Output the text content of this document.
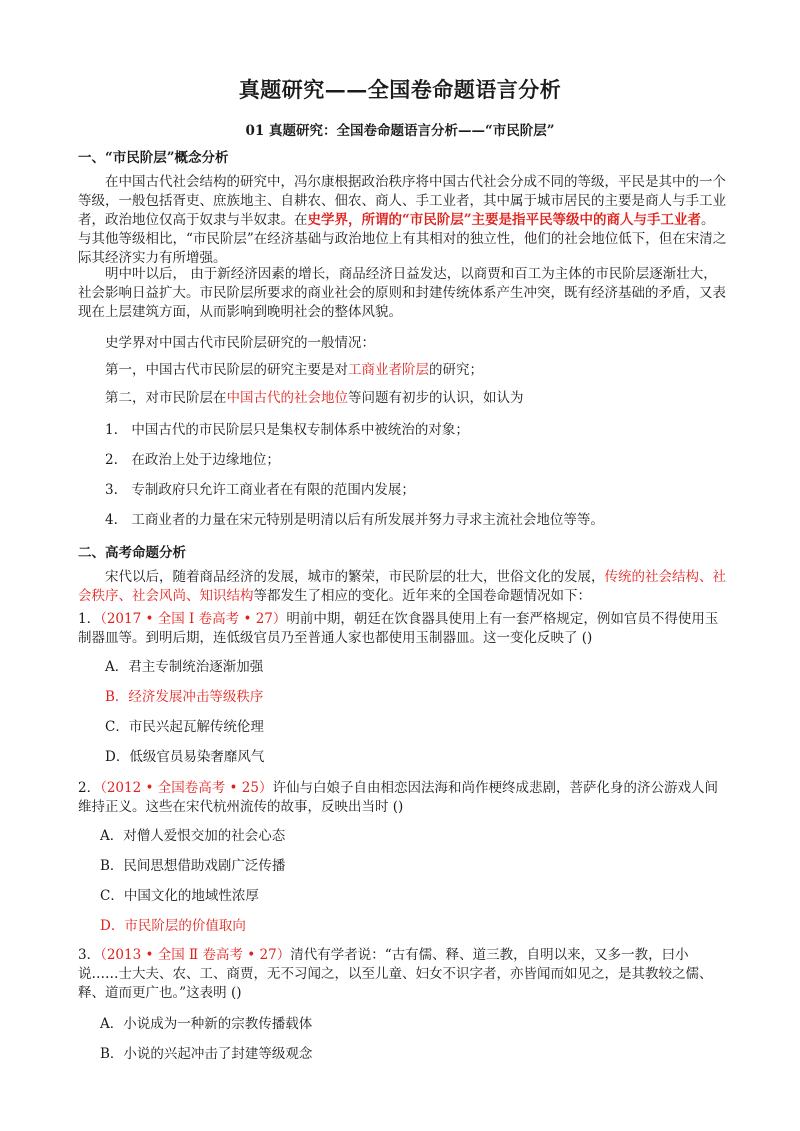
真题研究——全国卷命题语言分析
01 真题研究：全国卷命题语言分析——“市民阶层”
一、“市民阶层”概念分析
在中国古代社会结构的研究中，冯尔康根据政治秩序将中国古代社会分成不同的等级，平民是其中的一个等级，一般包括胥吏、庶族地主、自耕农、佃农、商人、手工业者，其中属于城市居民的主要是商人与手工业者，政治地位仅高于奴隶与半奴隶。在史学界，所谓的“市民阶层”主要是指平民等级中的商人与手工业者。与其他等级相比，“市民阶层”在经济基础与政治地位上有其相对的独立性，他们的社会地位低下，但在宋清之际其经济实力有所增强。
明中叶以后， 由于新经济因素的增长，商品经济日益发达，以商贾和百工为主体的市民阶层逐渐壮大，社会影响日益扩大。市民阶层所要求的商业社会的原则和封建传统体系产生冲突，既有经济基础的矛盾，又表现在上层建筑方面，从而影响到晚明社会的整体风貌。
史学界对中国古代市民阶层研究的一般情况：
第一，中国古代市民阶层的研究主要是对工商业者阶层的研究；
第二，对市民阶层在中国古代的社会地位等问题有初步的认识，如认为
1.　中国古代的市民阶层只是集权专制体系中被统治的对象；
2.　在政治上处于边缘地位；
3.　专制政府只允许工商业者在有限的范围内发展；
4.　工商业者的力量在宋元特别是明清以后有所发展并努力寻求主流社会地位等等。
二、高考命题分析
宋代以后，随着商品经济的发展，城市的繁荣，市民阶层的壮大，世俗文化的发展，传统的社会结构、社会秩序、社会风尚、知识结构等都发生了相应的变化。近年来的全国卷命题情况如下：
1．（2017 • 全国 Ⅰ 卷高考 • 27）明前中期，朝廷在饮食器具使用上有一套严格规定，例如官员不得使用玉制器皿等。到明后期，连低级官员乃至普通人家也都使用玉制器皿。这一变化反映了 ()
A．君主专制统治逐渐加强
B．经济发展冲击等级秩序
C．市民兴起瓦解传统伦理
D．低级官员易染奢靡风气
2．（2012 • 全国卷高考 • 25）许仙与白娘子自由相恋因法海和尚作梗终成悲剧，菩萨化身的济公游戏人间维持正义。这些在宋代杭州流传的故事，反映出当时 ()
A．对僧人爱恨交加的社会心态
B．民间思想借助戏剧广泛传播
C．中国文化的地域性浓厚
D．市民阶层的价值取向
3．（2013 • 全国 Ⅱ 卷高考 • 27）清代有学者说：“古有儒、释、道三教，自明以来，又多一教，曰小说……士大夫、农、工、商贾，无不习闻之，以至儿童、妇女不识字者，亦皆闻而如见之，是其教较之儒、释、道而更广也。”这表明 ()
A．小说成为一种新的宗教传播载体
B．小说的兴起冲击了封建等级观念
